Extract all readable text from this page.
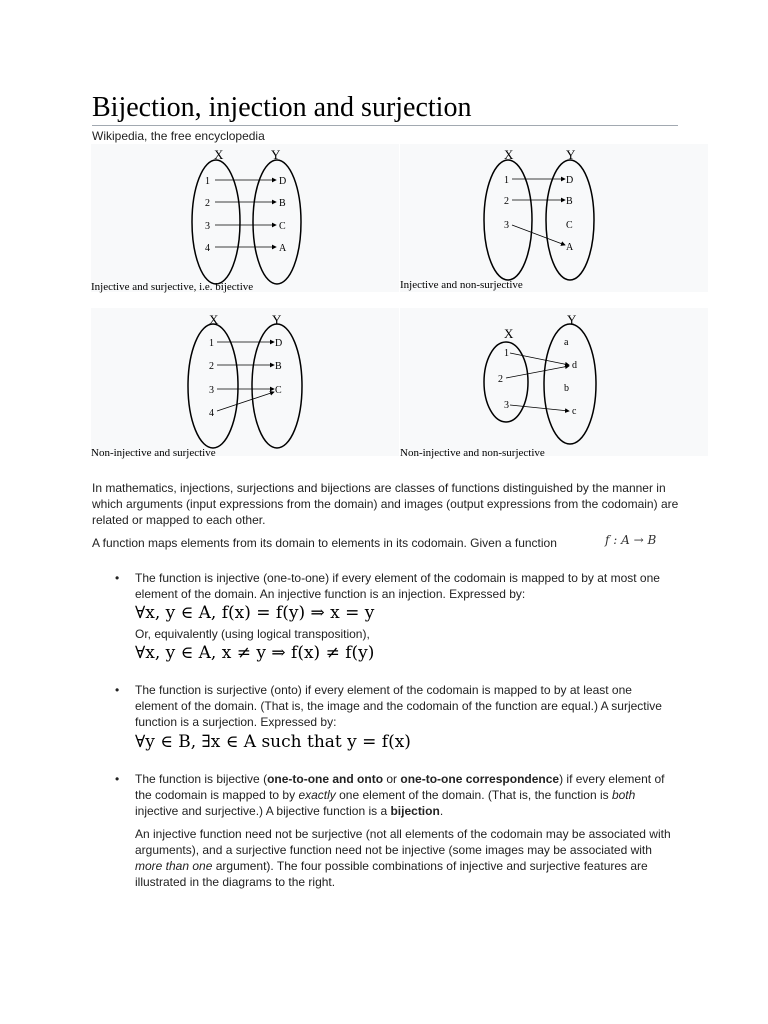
Bijection, injection and surjection
Wikipedia, the free encyclopedia
X	Y
1
2
3
4
D
B
C
A
Injective and surjective, i.e. bijective
X	Y
1
2
3
D
B
C
A
Injective and non-surjective
X	Y
1
2
3
4
D
B
C
Non-injective and surjective
X
Y
1
2
3
a
d
b
c
Non-injective and non-surjective

In mathematics, injections, surjections and bijections are classes of functions distinguished by the manner in which arguments (input expressions from the domain) and images (output expressions from the codomain) are related or mapped to each other.

A function maps elements from its domain to elements in its codomain. Given a function	f : A → B
• The function is injective (one-to-one) if every element of the codomain is mapped to by at most one element of the domain. An injective function is an injection. Expressed by:

∀x, y ∈ A, f(x) = f(y) ⇒ x = y
Or, equivalently (using logical transposition),
∀x, y ∈ A, x ≠ y ⇒ f(x) ≠ f(y)
• The function is surjective (onto) if every element of the codomain is mapped to by at least one element of the domain. (That is, the image and the codomain of the function are equal.) A surjective function is a surjection. Expressed by:

∀y ∈ B, ∃x ∈ A such that y = f(x)
• The function is bijective (one-to-one and onto or one-to-one correspondence) if every element of the codomain is mapped to by exactly one element of the domain. (That is, the function is both injective and surjective.) A bijective function is a bijection.

An injective function need not be surjective (not all elements of the codomain may be associated with arguments), and a surjective function need not be injective (some images may be associated with more than one argument). The four possible combinations of injective and surjective features are illustrated in the diagrams to the right.
